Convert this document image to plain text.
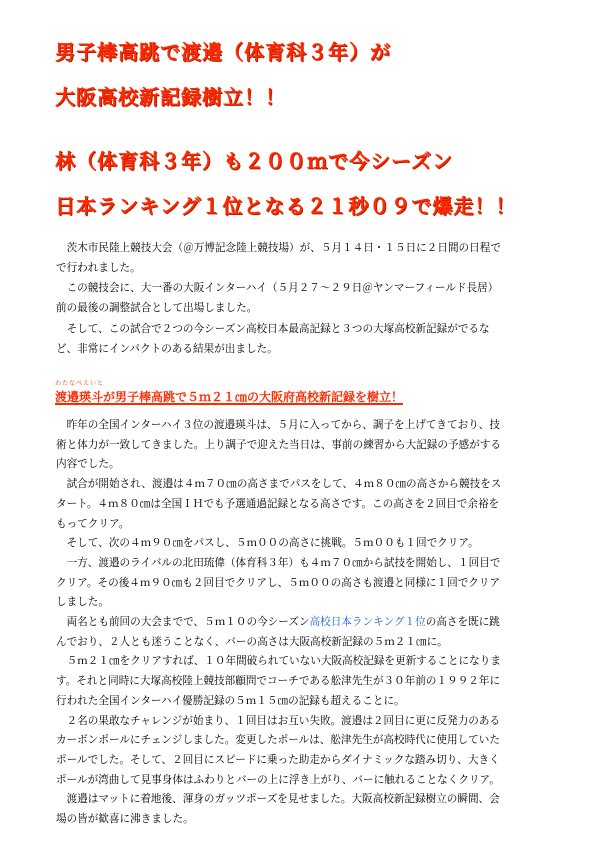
男子棒高跳で渡邉（体育科３年）が
大阪高校新記録樹立！！
林（体育科３年）も２００ｍで今シーズン
日本ランキング１位となる２１秒０９で爆走！！
　茨木市民陸上競技大会（＠万博記念陸上競技場）が、５月１４日・１５日に２日間の日程で
で行われました。
　この競技会に、大一番の大阪インターハイ（５月２７～２９日＠ヤンマーフィールド長居）
前の最後の調整試合として出場しました。
　そして、この試合で２つの今シーズン高校日本最高記録と３つの大塚高校新記録がでるな
ど、非常にインパクトのある結果が出ました。
わたなべえいと
渡邉瑛斗が男子棒高跳で５ｍ２１㎝の大阪府高校新記録を樹立！
　昨年の全国インターハイ３位の渡邉瑛斗は、５月に入ってから、調子を上げてきており、技
術と体力が一致してきました。上り調子で迎えた当日は、事前の練習から大記録の予感がする
内容でした。
　試合が開始され、渡邉は４ｍ７０㎝の高さまでパスをして、４ｍ８０㎝の高さから競技をス
タート。４ｍ８０㎝は全国ＩＨでも予選通過記録となる高さです。この高さを２回目で余裕を
もってクリア。
　そして、次の４ｍ９０㎝をパスし、５ｍ００の高さに挑戦。５ｍ００も１回でクリア。
　一方、渡邉のライバルの北田琉偉（体育科３年）も４ｍ７０㎝から試技を開始し、１回目で
クリア。その後４ｍ９０㎝も２回目でクリアし、５ｍ００の高さも渡邉と同様に１回でクリア
しました。
　両名とも前回の大会までで、５ｍ１０の今シーズン高校日本ランキング１位の高さを既に跳
んでおり、２人とも迷うことなく、バーの高さは大阪高校新記録の５ｍ２１㎝に。
　５ｍ２１㎝をクリアすれば、１０年間破られていない大阪高校記録を更新することになりま
す。それと同時に大塚高校陸上競技部顧問でコーチである舩津先生が３０年前の１９９２年に
行われた全国インターハイ優勝記録の５ｍ１５㎝の記録も超えることに。
　２名の果敢なチャレンジが始まり、１回目はお互い失敗。渡邉は２回目に更に反発力のある
カーボンポールにチェンジしました。変更したポールは、舩津先生が高校時代に使用していた
ポールでした。そして、２回目にスピードに乗った助走からダイナミックな踏み切り、大きく
ポールが湾曲して見事身体はふわりとバーの上に浮き上がり、バーに触れることなくクリア。
　渡邉はマットに着地後、渾身のガッツポーズを見せました。大阪高校新記録樹立の瞬間、会
場の皆が歓喜に沸きました。
